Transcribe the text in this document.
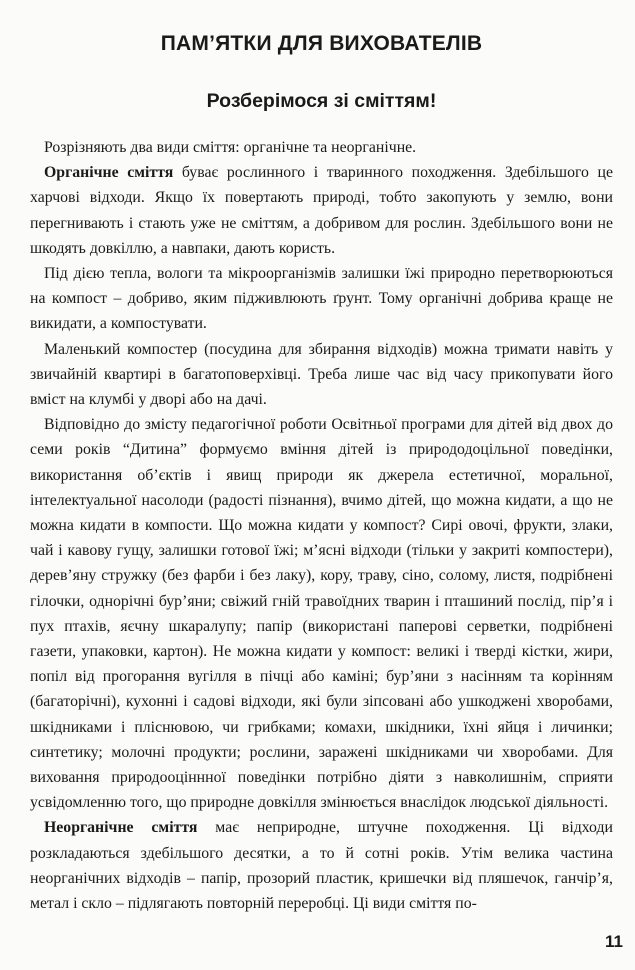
ПАМ’ЯТКИ ДЛЯ ВИХОВАТЕЛІВ
Розберімося зі сміттям!

Розрізняють два види сміття: органічне та неорганічне.

Органічне сміття буває рослинного і тваринного походження. Здебільшого це харчові відходи. Якщо їх повертають природі, тобто закопують у землю, вони перегнивають і стають уже не сміттям, а добривом для рослин. Здебільшого вони не шкодять довкіллю, а навпаки, дають користь.

Під дією тепла, вологи та мікроорганізмів залишки їжі природно перетворюються на компост – добриво, яким підживлюють ґрунт. Тому органічні добрива краще не викидати, а компостувати.

Маленький компостер (посудина для збирання відходів) можна тримати навіть у звичайній квартирі в багатоповерхівці. Треба лише час від часу прикопувати його вміст на клумбі у дворі або на дачі.

Відповідно до змісту педагогічної роботи Освітньої програми для дітей від двох до семи років “Дитина” формуємо вміння дітей із природодоцільної поведінки, використання об’єктів і явищ природи як джерела естетичної, моральної, інтелектуальної насолоди (радості пізнання), вчимо дітей, що можна кидати, а що не можна кидати в компости. Що можна кидати у компост? Сирі овочі, фрукти, злаки, чай і кавову гущу, залишки готової їжі; м’ясні відходи (тільки у закриті компостери), дерев’яну стружку (без фарби і без лаку), кору, траву, сіно, солому, листя, подрібнені гілочки, однорічні бур’яни; свіжий гній травоїдних тварин і пташиний послід, пір’я і пух птахів, яєчну шкаралупу; папір (використані паперові серветки, подрібнені газети, упаковки, картон). Не можна кидати у компост: великі і тверді кістки, жири, попіл від прогорання вугілля в пічці або каміні; бур’яни з насінням та корінням (багаторічні), кухонні і садові відходи, які були зіпсовані або ушкоджені хворобами, шкідниками і пліснювою, чи грибками; комахи, шкідники, їхні яйця і личинки; синтетику; молочні продукти; рослини, заражені шкідниками чи хворобами. Для виховання природооціннної поведінки потрібно діяти з навколишнім, сприяти усвідомленню того, що природне довкілля змінюється внаслідок людської діяльності.

Неорганічне сміття має неприродне, штучне походження. Ці відходи розкладаються здебільшого десятки, а то й сотні років. Утім велика частина неорганічних відходів – папір, прозорий пластик, кришечки від пляшечок, ганчір’я, метал і скло – підлягають повторній переробці. Ці види сміття по-

11
